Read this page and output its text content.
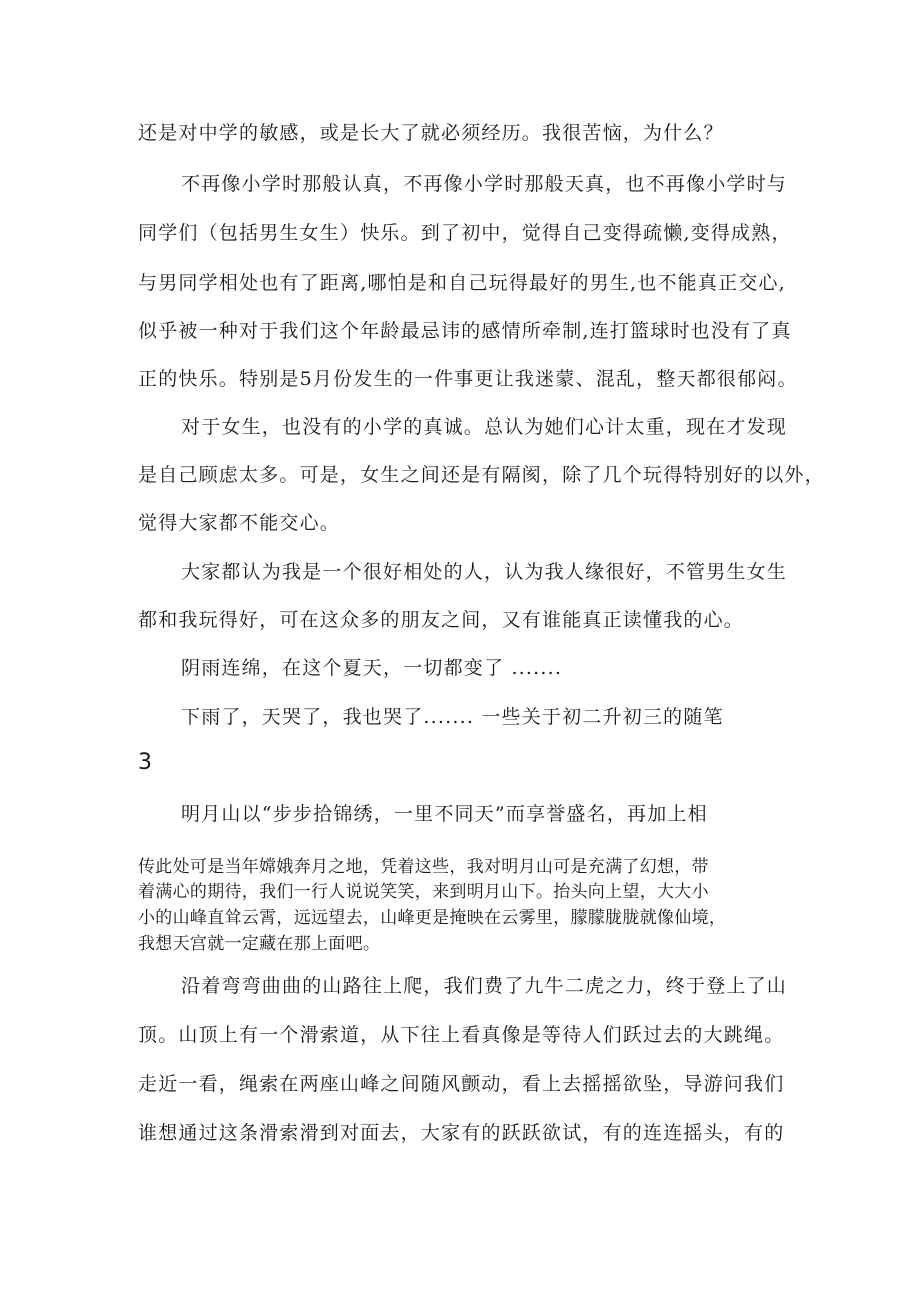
还是对中学的敏感，或是长大了就必须经历。我很苦恼，为什么？
不再像小学时那般认真，不再像小学时那般天真，也不再像小学时与
同学们（包括男生女生）快乐。到了初中，觉得自己变得疏懒,变得成熟，
与男同学相处也有了距离,哪怕是和自己玩得最好的男生,也不能真正交心,
似乎被一种对于我们这个年龄最忌讳的感情所牵制,连打篮球时也没有了真
正的快乐。特别是5月份发生的一件事更让我迷蒙、混乱，整天都很郁闷。
对于女生，也没有的小学的真诚。总认为她们心计太重，现在才发现
是自己顾虑太多。可是，女生之间还是有隔阂，除了几个玩得特别好的以外，
觉得大家都不能交心。
大家都认为我是一个很好相处的人，认为我人缘很好，不管男生女生
都和我玩得好，可在这众多的朋友之间，又有谁能真正读懂我的心。
阴雨连绵，在这个夏天，一切都变了 .......
下雨了，天哭了，我也哭了....... 一些关于初二升初三的随笔
3
明月山以“步步拾锦绣，一里不同天”而享誉盛名，再加上相
传此处可是当年嫦娥奔月之地，凭着这些，我对明月山可是充满了幻想，带
着满心的期待，我们一行人说说笑笑，来到明月山下。抬头向上望，大大小
小的山峰直耸云霄，远远望去，山峰更是掩映在云雾里，朦朦胧胧就像仙境，
我想天宫就一定藏在那上面吧。
沿着弯弯曲曲的山路往上爬，我们费了九牛二虎之力，终于登上了山
顶。山顶上有一个滑索道，从下往上看真像是等待人们跃过去的大跳绳。
走近一看，绳索在两座山峰之间随风颤动，看上去摇摇欲坠，导游问我们
谁想通过这条滑索滑到对面去，大家有的跃跃欲试，有的连连摇头，有的
